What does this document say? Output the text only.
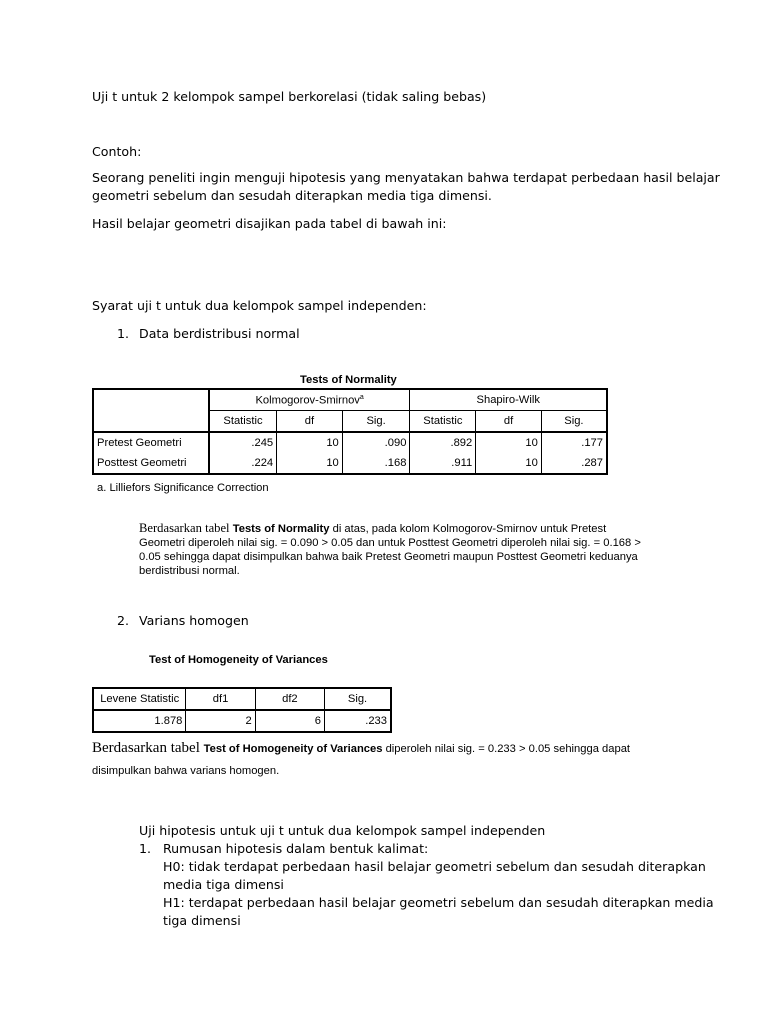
Uji t untuk 2 kelompok sampel berkorelasi (tidak saling bebas)
Contoh:
Seorang peneliti ingin menguji hipotesis yang menyatakan bahwa terdapat perbedaan hasil belajar
geometri sebelum dan sesudah diterapkan media tiga dimensi.
Hasil belajar geometri disajikan pada tabel di bawah ini:
Syarat uji t untuk dua kelompok sampel independen:
1. Data berdistribusi normal
Tests of Normality
	Kolmogorov-Smirnov$^a$			Shapiro-Wilk		
	Statistic	df	Sig.	Statistic	df	Sig.
Pretest Geometri	.245	10	.090	.892	10	.177
Posttest Geometri	.224	10	.168	.911	10	.287
a. Lilliefors Significance Correction
Berdasarkan tabel Tests of Normality di atas, pada kolom Kolmogorov-Smirnov untuk Pretest
Geometri diperoleh nilai sig. = 0.090 > 0.05 dan untuk Posttest Geometri diperoleh nilai sig. = 0.168 >
0.05 sehingga dapat disimpulkan bahwa baik Pretest Geometri maupun Posttest Geometri keduanya
berdistribusi normal.
2. Varians homogen
Test of Homogeneity of Variances
Levene Statistic	df1	df2	Sig.
1.878	2	6	.233
Berdasarkan tabel Test of Homogeneity of Variances diperoleh nilai sig. = 0.233 > 0.05 sehingga dapat
disimpulkan bahwa varians homogen.
Uji hipotesis untuk uji t untuk dua kelompok sampel independen
1. Rumusan hipotesis dalam bentuk kalimat:
H0: tidak terdapat perbedaan hasil belajar geometri sebelum dan sesudah diterapkan
media tiga dimensi
H1: terdapat perbedaan hasil belajar geometri sebelum dan sesudah diterapkan media
tiga dimensi
